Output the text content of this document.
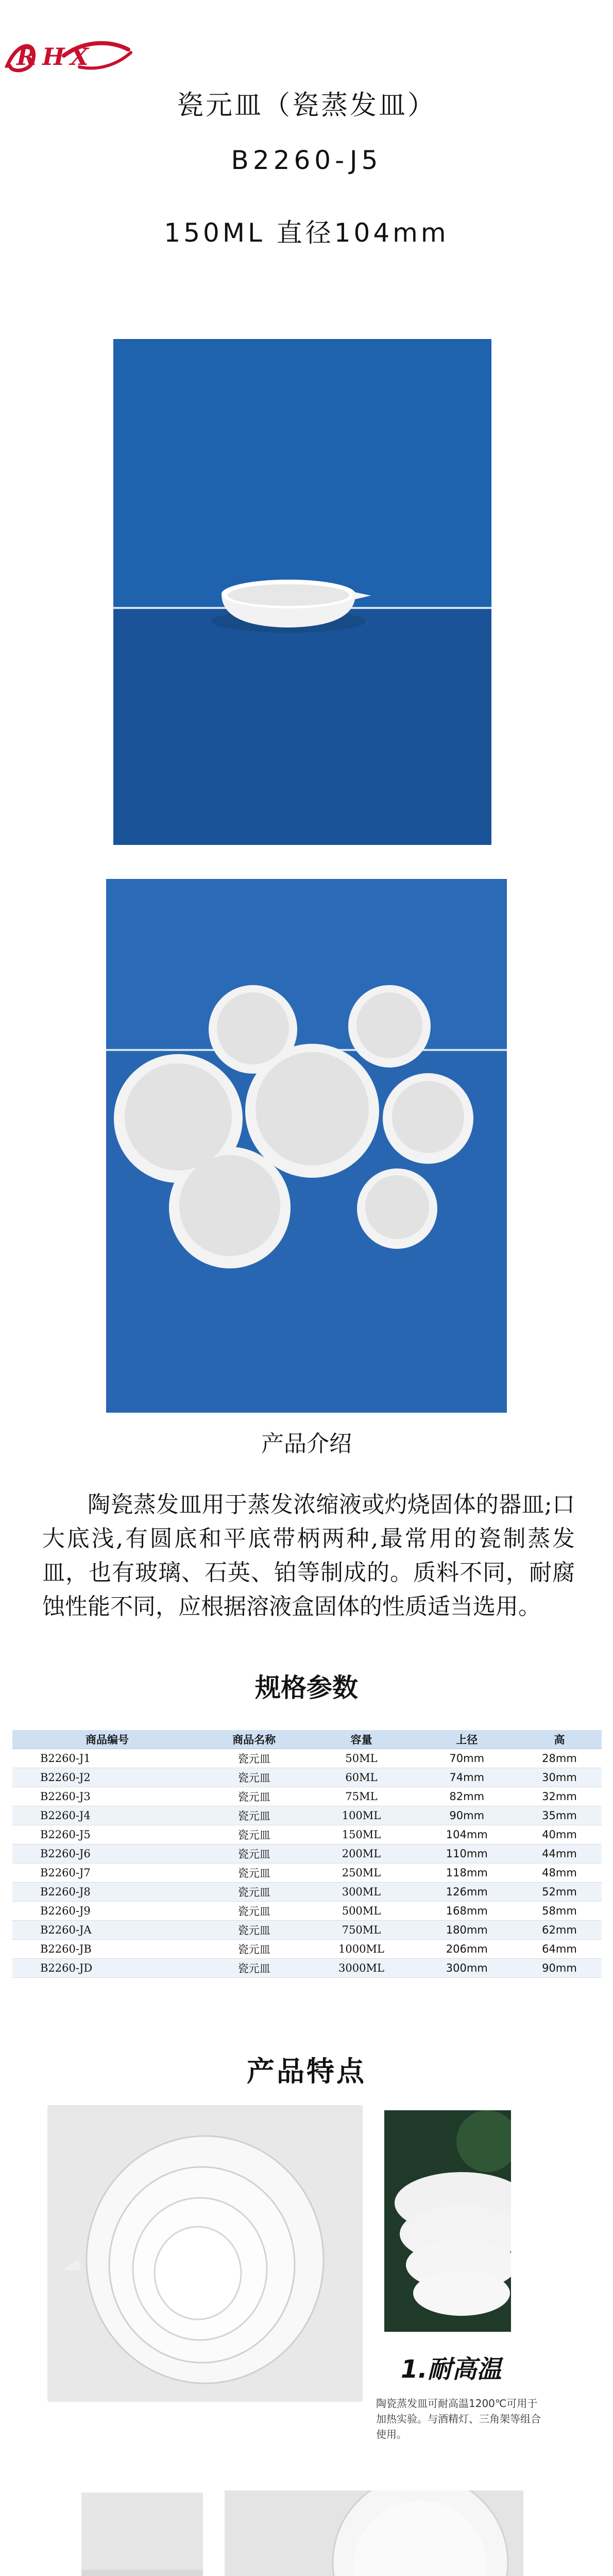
R H X
瓷元皿（瓷蒸发皿）
B2260-J5
150ML 直径104mm
产品介绍
陶瓷蒸发皿用于蒸发浓缩液或灼烧固体的器皿;口大底浅,有圆底和平底带柄两种,最常用的瓷制蒸发皿，也有玻璃、石英、铂等制成的。质料不同，耐腐蚀性能不同，应根据溶液盒固体的性质适当选用。
规格参数
商品编号	商品名称	容量	上径	高
B2260-J1	瓷元皿	50ML	70mm	28mm
B2260-J2	瓷元皿	60ML	74mm	30mm
B2260-J3	瓷元皿	75ML	82mm	32mm
B2260-J4	瓷元皿	100ML	90mm	35mm
B2260-J5	瓷元皿	150ML	104mm	40mm
B2260-J6	瓷元皿	200ML	110mm	44mm
B2260-J7	瓷元皿	250ML	118mm	48mm
B2260-J8	瓷元皿	300ML	126mm	52mm
B2260-J9	瓷元皿	500ML	168mm	58mm
B2260-JA	瓷元皿	750ML	180mm	62mm
B2260-JB	瓷元皿	1000ML	206mm	64mm
B2260-JD	瓷元皿	3000ML	300mm	90mm
产品特点
1.耐高温
陶瓷蒸发皿可耐高温1200℃可用于加热实验。与酒精灯、三角架等组合使用。
